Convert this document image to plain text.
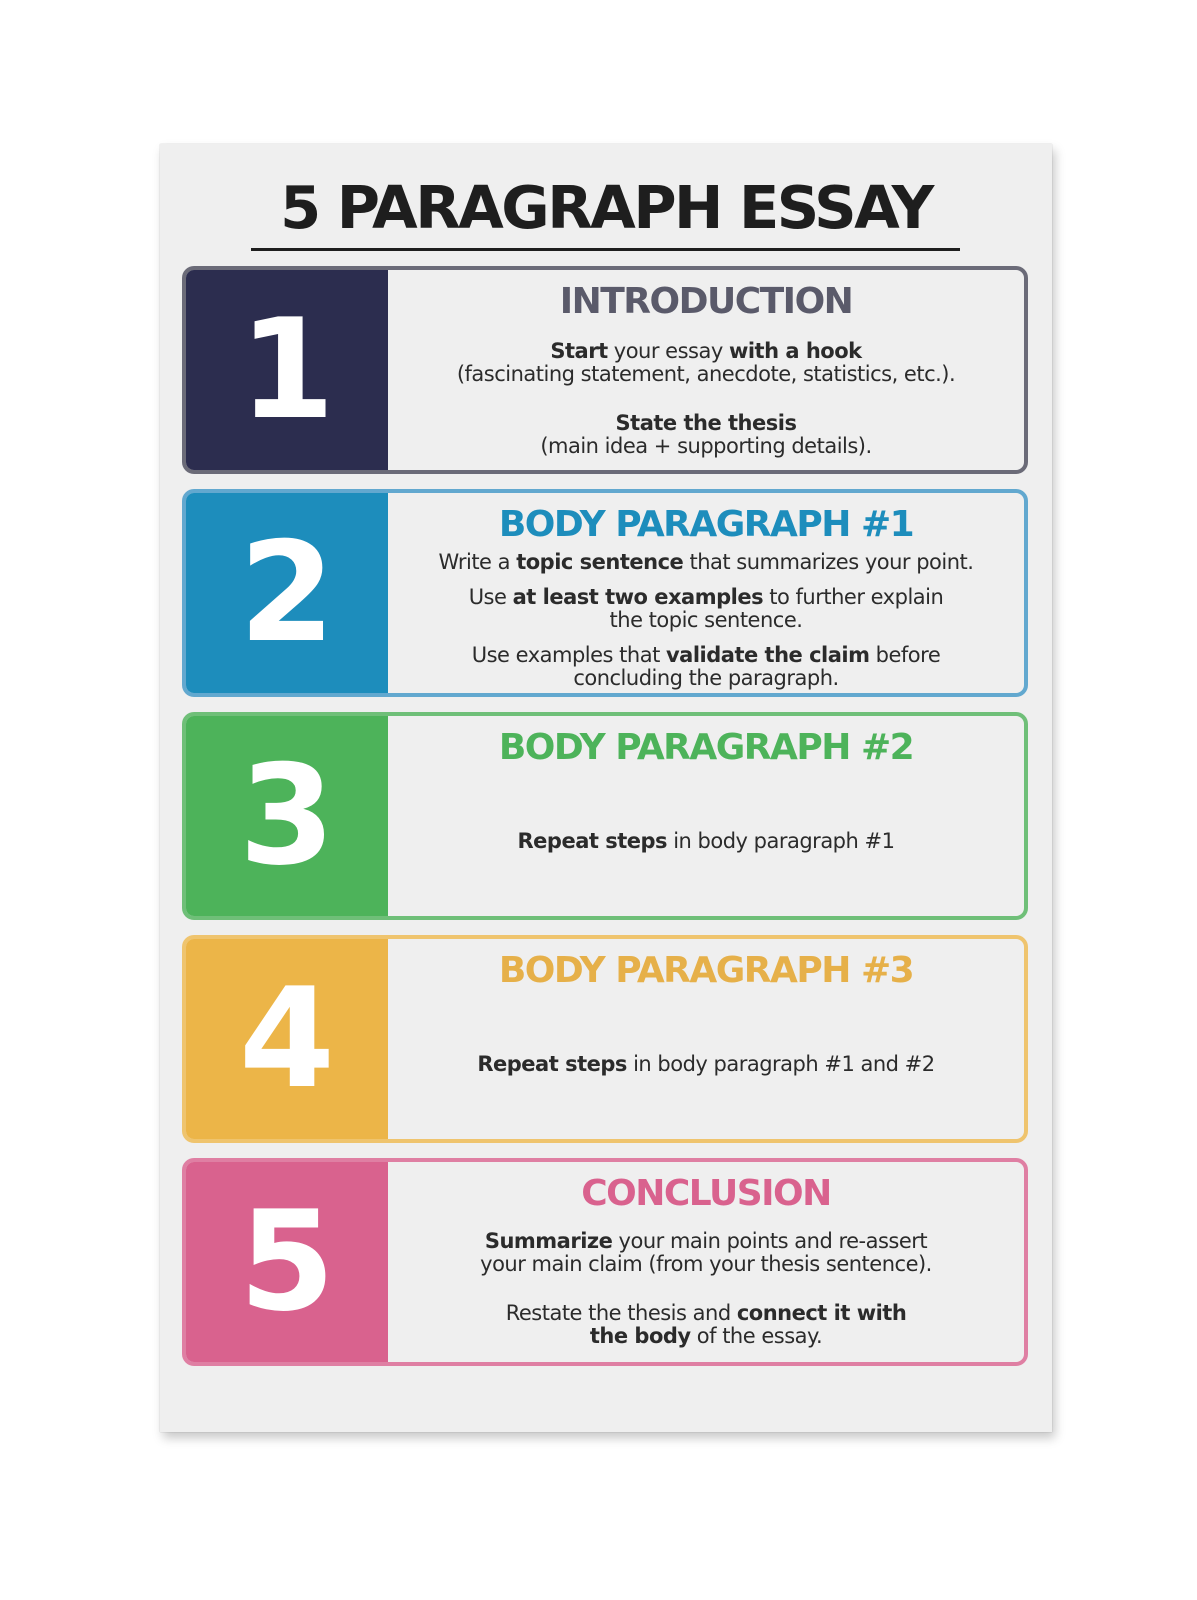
5 PARAGRAPH ESSAY
1	INTRODUCTION
Start your essay with a hook
(fascinating statement, anecdote, statistics, etc.).
State the thesis
(main idea + supporting details).
2	BODY PARAGRAPH #1
Write a topic sentence that summarizes your point.
Use at least two examples to further explain
the topic sentence.
Use examples that validate the claim before
concluding the paragraph.
3	BODY PARAGRAPH #2
Repeat steps in body paragraph #1
4	BODY PARAGRAPH #3
Repeat steps in body paragraph #1 and #2
5	CONCLUSION
Summarize your main points and re-assert
your main claim (from your thesis sentence).
Restate the thesis and connect it with
the body of the essay.
